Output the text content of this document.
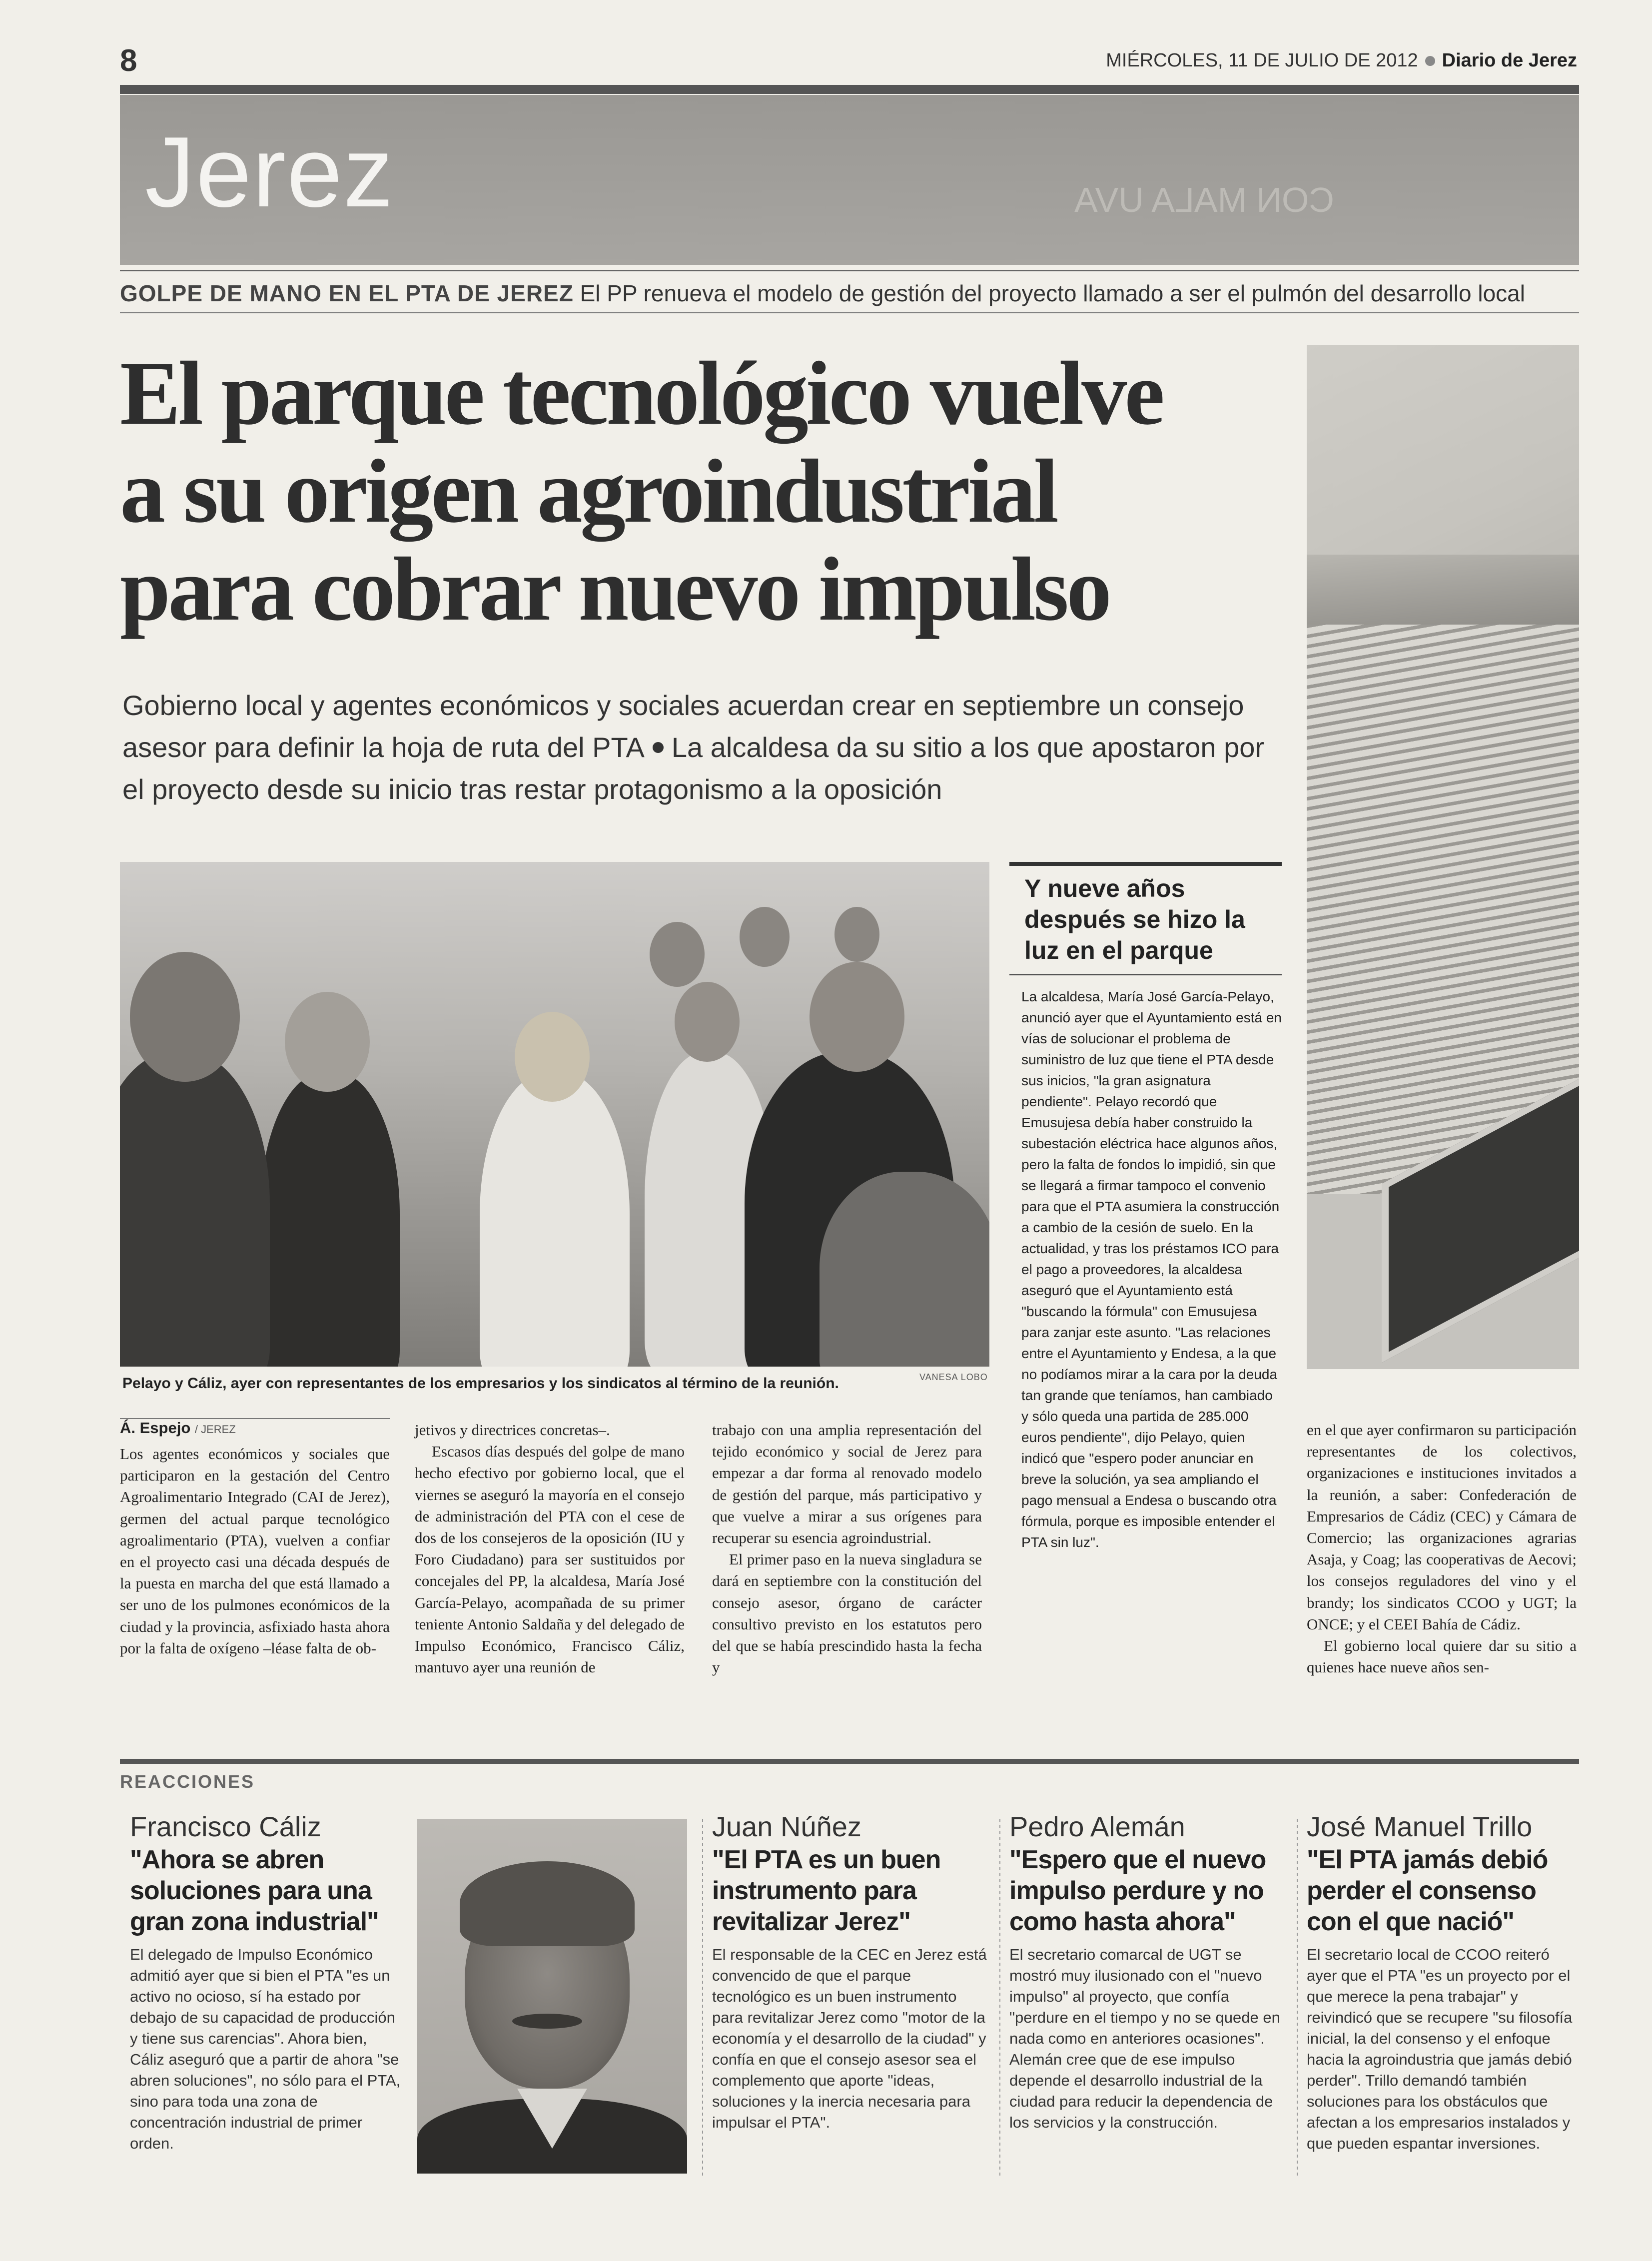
8	MIÉRCOLES, 11 DE JULIO DE 2012 Diario de Jerez
CON MALA UVA
Jerez
GOLPE DE MANO EN EL PTA DE JEREZ El PP renueva el modelo de gestión del proyecto llamado a ser el pulmón del desarrollo local
El parque tecnológico vuelve
a su origen agroindustrial
para cobrar nuevo impulso
Gobierno local y agentes económicos y sociales acuerdan crear en septiembre un consejo asesor para definir la hoja de ruta del PTA La alcaldesa da su sitio a los que apostaron por el proyecto desde su inicio tras restar protagonismo a la oposición
Pelayo y Cáliz, ayer con representantes de los empresarios y los sindicatos al término de la reunión.	VANESA LOBO
Y nueve años después se hizo la luz en el parque
La alcaldesa, María José García-Pelayo, anunció ayer que el Ayuntamiento está en vías de solucionar el problema de suministro de luz que tiene el PTA desde sus inicios, "la gran asignatura pendiente". Pelayo recordó que Emusujesa debía haber construido la subestación eléctrica hace algunos años, pero la falta de fondos lo impidió, sin que se llegará a firmar tampoco el convenio para que el PTA asumiera la construcción a cambio de la cesión de suelo. En la actualidad, y tras los préstamos ICO para el pago a proveedores, la alcaldesa aseguró que el Ayuntamiento está "buscando la fórmula" con Emusujesa para zanjar este asunto. "Las relaciones entre el Ayuntamiento y Endesa, a la que no podíamos mirar a la cara por la deuda tan grande que teníamos, han cambiado y sólo queda una partida de 285.000 euros pendiente", dijo Pelayo, quien indicó que "espero poder anunciar en breve la solución, ya sea ampliando el pago mensual a Endesa o buscando otra fórmula, porque es imposible entender el PTA sin luz".
Á. Espejo / JEREZ

Los agentes económicos y sociales que participaron en la gestación del Centro Agroalimentario Integrado (CAI de Jerez), germen del actual parque tecnológico agroalimentario (PTA), vuelven a confiar en el proyecto casi una década después de la puesta en marcha del que está llamado a ser uno de los pulmones económicos de la ciudad y la provincia, asfixiado hasta ahora por la falta de oxígeno –léase falta de ob-

jetivos y directrices concretas–.

Escasos días después del golpe de mano hecho efectivo por gobierno local, que el viernes se aseguró la mayoría en el consejo de administración del PTA con el cese de dos de los consejeros de la oposición (IU y Foro Ciudadano) para ser sustituidos por concejales del PP, la alcaldesa, María José García-Pelayo, acompañada de su primer teniente Antonio Saldaña y del delegado de Impulso Económico, Francisco Cáliz, mantuvo ayer una reunión de

trabajo con una amplia representación del tejido económico y social de Jerez para empezar a dar forma al renovado modelo de gestión del parque, más participativo y que vuelve a mirar a sus orígenes para recuperar su esencia agroindustrial.

El primer paso en la nueva singladura se dará en septiembre con la constitución del consejo asesor, órgano de carácter consultivo previsto en los estatutos pero del que se había prescindido hasta la fecha y

en el que ayer confirmaron su participación representantes de los colectivos, organizaciones e instituciones invitados a la reunión, a saber: Confederación de Empresarios de Cádiz (CEC) y Cámara de Comercio; las organizaciones agrarias Asaja, y Coag; las cooperativas de Aecovi; los consejos reguladores del vino y el brandy; los sindicatos CCOO y UGT; la ONCE; y el CEEI Bahía de Cádiz.

El gobierno local quiere dar su sitio a quienes hace nueve años sen-

REACCIONES
Francisco Cáliz
"Ahora se abren soluciones para una gran zona industrial"
El delegado de Impulso Económico admitió ayer que si bien el PTA "es un activo no ocioso, sí ha estado por debajo de su capacidad de producción y tiene sus carencias". Ahora bien, Cáliz aseguró que a partir de ahora "se abren soluciones", no sólo para el PTA, sino para toda una zona de concentración industrial de primer orden.
Juan Núñez
"El PTA es un buen instrumento para revitalizar Jerez"
El responsable de la CEC en Jerez está convencido de que el parque tecnológico es un buen instrumento para revitalizar Jerez como "motor de la economía y el desarrollo de la ciudad" y confía en que el consejo asesor sea el complemento que aporte "ideas, soluciones y la inercia necesaria para impulsar el PTA".
Pedro Alemán
"Espero que el nuevo impulso perdure y no como hasta ahora"
El secretario comarcal de UGT se mostró muy ilusionado con el "nuevo impulso" al proyecto, que confía "perdure en el tiempo y no se quede en nada como en anteriores ocasiones". Alemán cree que de ese impulso depende el desarrollo industrial de la ciudad para reducir la dependencia de los servicios y la construcción.
José Manuel Trillo
"El PTA jamás debió perder el consenso con el que nació"
El secretario local de CCOO reiteró ayer que el PTA "es un proyecto por el que merece la pena trabajar" y reivindicó que se recupere "su filosofía inicial, la del consenso y el enfoque hacia la agroindustria que jamás debió perder". Trillo demandó también soluciones para los obstáculos que afectan a los empresarios instalados y que pueden espantar inversiones.
